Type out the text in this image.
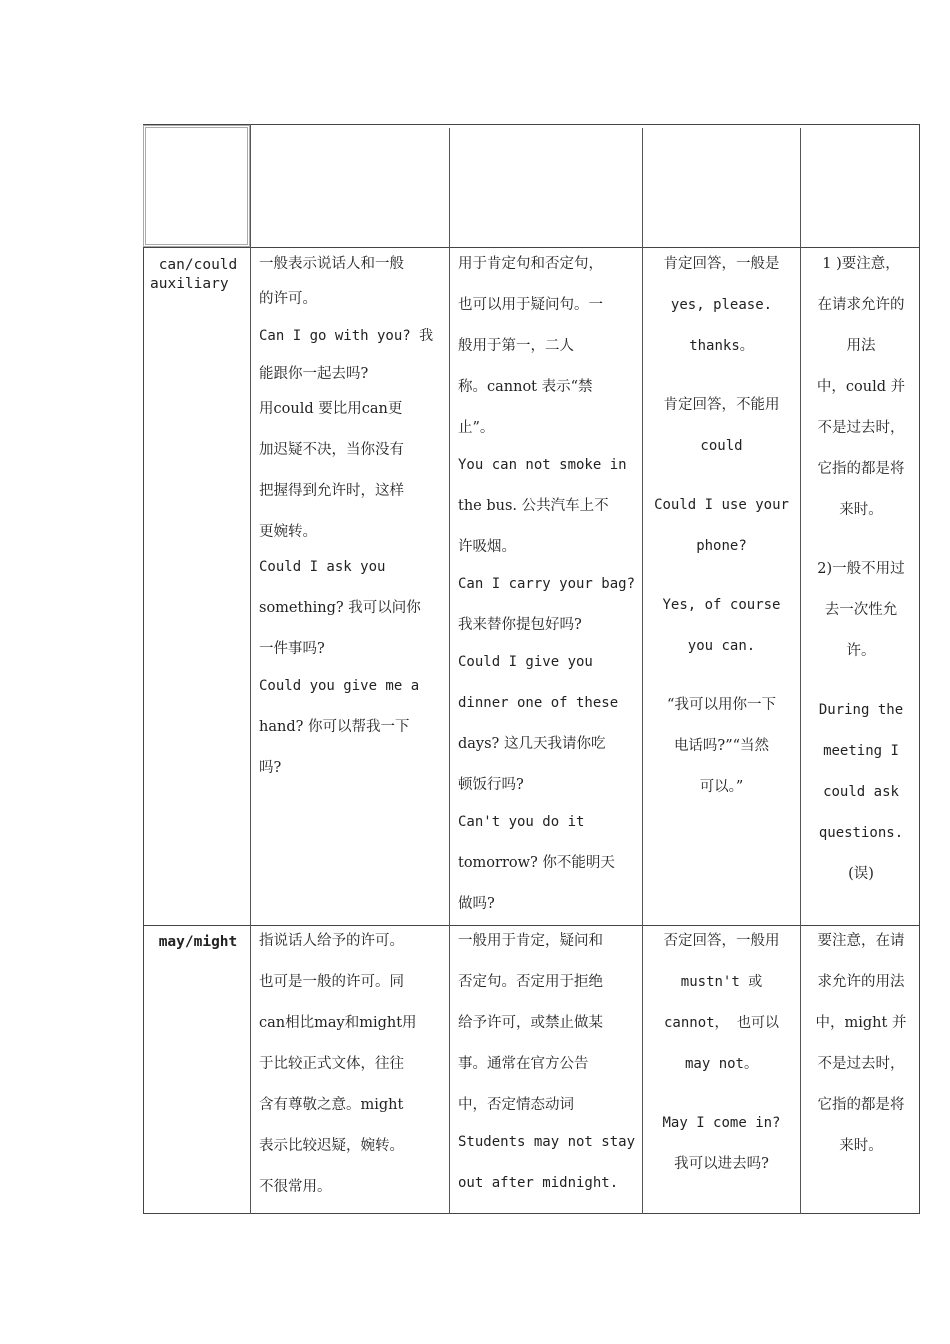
can/could

auxiliary

一般表示说话人和一般

的许可。

Can I go with you? 我

能跟你一起去吗?

用could 要比用can更

加迟疑不决，当你没有

把握得到允许时，这样

更婉转。

Could I ask you

something? 我可以问你

一件事吗?

Could you give me a

hand? 你可以帮我一下

吗?

用于肯定句和否定句，

也可以用于疑问句。一

般用于第一，二人

称。cannot 表示“禁

止”。

You can not smoke in

the bus. 公共汽车上不

许吸烟。

Can I carry your bag?

我来替你提包好吗?

Could I give you

dinner one of these

days? 这几天我请你吃

顿饭行吗?

Can't you do it

tomorrow? 你不能明天

做吗?

肯定回答，一般是

yes, please.

thanks。

肯定回答，不能用

could

Could I use your

phone?

Yes, of course

you can.

“我可以用你一下

电话吗?”“当然

可以。”

1 )要注意，

在请求允许的

用法

中，could 并

不是过去时，

它指的都是将

来时。

2)一般不用过

去一次性允

许。

During the

meeting I

could ask

questions.

(误)

may/might	指说话人给予的许可。

也可是一般的许可。同

can相比may和might用

于比较正式文体，往往

含有尊敬之意。might

表示比较迟疑，婉转。

不很常用。

一般用于肯定，疑问和

否定句。否定用于拒绝

给予许可，或禁止做某

事。通常在官方公告

中，否定情态动词

Students may not stay

out after midnight.

否定回答，一般用

mustn't 或

cannot， 也可以

may not。

May I come in?

我可以进去吗?

要注意，在请

求允许的用法

中，might 并

不是过去时，

它指的都是将

来时。
